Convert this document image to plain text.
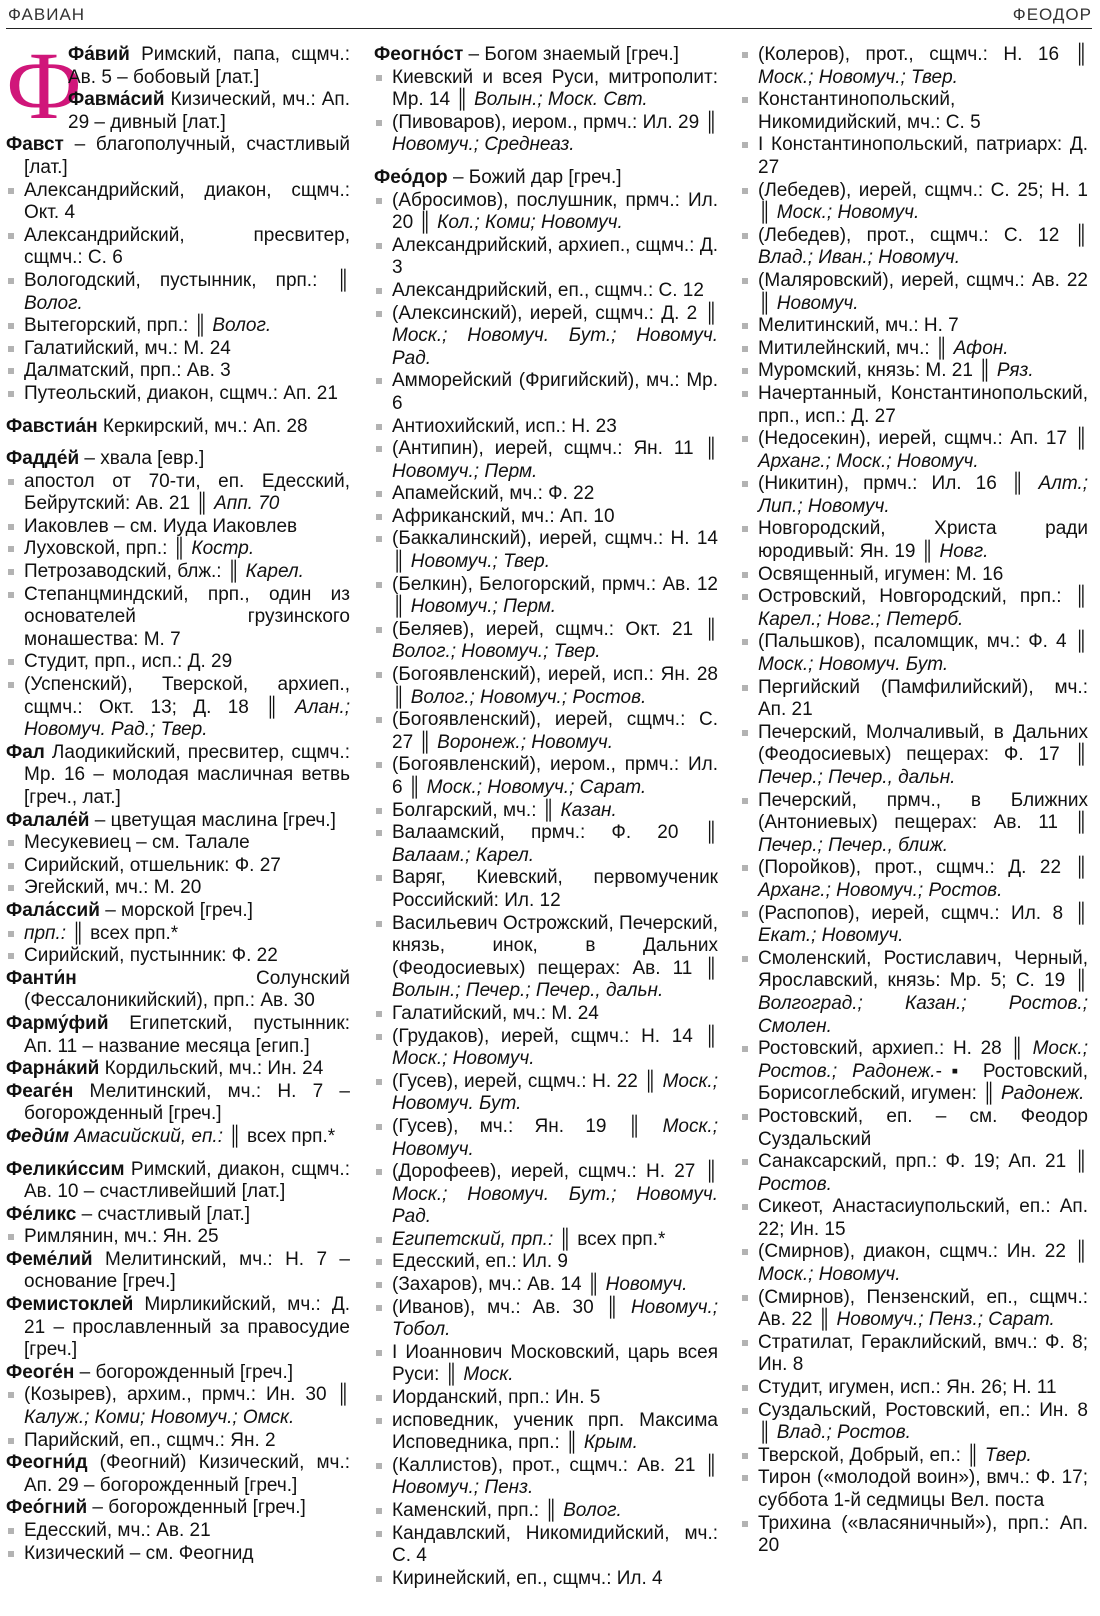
ФАВИАН	ФЕОДОР
Ф
Фа́вий Римский, папа, сщмч.: Ав. 5 – бобовый [лат.]
Фавма́сий Кизический, мч.: Ап. 29 – дивный [лат.]
Фавст – благополучный, счастливый [лат.]
Александрийский, диакон, сщмч.: Окт. 4
Александрийский, пресвитер, сщмч.: С. 6
Вологодский, пустынник, прп.: ║ Волог.
Вытегорский, прп.: ║ Волог.
Галатийский, мч.: М. 24
Далматский, прп.: Ав. 3
Путеольский, диакон, сщмч.: Ап. 21
Фавстиа́н Керкирский, мч.: Ап. 28
Фадде́й – хвала [евр.]
апостол от 70-ти, еп. Едесский, Бейрутский: Ав. 21 ║ Апп. 70
Иаковлев – см. Иуда Иаковлев
Луховской, прп.: ║ Костр.
Петрозаводский, блж.: ║ Карел.
Степанцминдский, прп., один из основателей грузинского монашества: М. 7
Студит, прп., исп.: Д. 29
(Успенский), Тверской, архиеп., сщмч.: Окт. 13; Д. 18 ║ Алан.; Новомуч. Рад.; Твер.
Фал Лаодикийский, пресвитер, сщмч.: Мр. 16 – молодая масличная ветвь [греч., лат.]
Фалале́й – цветущая маслина [греч.]
Месукевиец – см. Талале
Сирийский, отшельник: Ф. 27
Эгейский, мч.: М. 20
Фала́ссий – морской [греч.]
прп.: ║ всех прп.*
Сирийский, пустынник: Ф. 22
Фанти́н Солунский (Фессалоникийский), прп.: Ав. 30
Фарму́фий Египетский, пустынник: Ап. 11 – название месяца [егип.]
Фарна́кий Кордильский, мч.: Ин. 24
Феаге́н Мелитинский, мч.: Н. 7 – богорожденный [греч.]
Феди́м Амасийский, еп.: ║ всех прп.*
Фелики́ссим Римский, диакон, сщмч.: Ав. 10 – счастливейший [лат.]
Фе́ликс – счастливый [лат.]
Римлянин, мч.: Ян. 25
Феме́лий Мелитинский, мч.: Н. 7 – основание [греч.]
Фемистоклей Мирликийский, мч.: Д. 21 – прославленный за правосудие [греч.]
Феоге́н – богорожденный [греч.]
(Козырев), архим., прмч.: Ин. 30 ║ Калуж.; Коми; Новомуч.; Омск.
Парийский, еп., сщмч.: Ян. 2
Феогни́д (Феогний) Кизический, мч.: Ап. 29 – богорожденный [греч.]
Фео́гний – богорожденный [греч.]
Едесский, мч.: Ав. 21
Кизический – см. Феогнид
Феогно́ст – Богом знаемый [греч.]
Киевский и всея Руси, митрополит: Мр. 14 ║ Волын.; Моск. Свт.
(Пивоваров), иером., прмч.: Ил. 29 ║ Новомуч.; Среднеаз.
Фео́дор – Божий дар [греч.]
(Абросимов), послушник, прмч.: Ил. 20 ║ Кол.; Коми; Новомуч.
Александрийский, архиеп., сщмч.: Д. 3
Александрийский, еп., сщмч.: С. 12
(Алексинский), иерей, сщмч.: Д. 2 ║ Моск.; Новомуч. Бут.; Новомуч. Рад.
Амморейский (Фригийский), мч.: Мр. 6
Антиохийский, исп.: Н. 23
(Антипин), иерей, сщмч.: Ян. 11 ║ Новомуч.; Перм.
Апамейский, мч.: Ф. 22
Африканский, мч.: Ап. 10
(Баккалинский), иерей, сщмч.: Н. 14 ║ Новомуч.; Твер.
(Белкин), Белогорский, прмч.: Ав. 12 ║ Новомуч.; Перм.
(Беляев), иерей, сщмч.: Окт. 21 ║ Волог.; Новомуч.; Твер.
(Богоявленский), иерей, исп.: Ян. 28 ║ Волог.; Новомуч.; Ростов.
(Богоявленский), иерей, сщмч.: С. 27 ║ Воронеж.; Новомуч.
(Богоявленский), иером., прмч.: Ил. 6 ║ Моск.; Новомуч.; Сарат.
Болгарский, мч.: ║ Казан.
Валаамский, прмч.: Ф. 20 ║ Валаам.; Карел.
Варяг, Киевский, первомученик Российский: Ил. 12
Васильевич Острожский, Печерский, князь, инок, в Дальних (Феодосиевых) пещерах: Ав. 11 ║ Волын.; Печер.; Печер., дальн.
Галатийский, мч.: М. 24
(Грудаков), иерей, сщмч.: Н. 14 ║ Моск.; Новомуч.
(Гусев), иерей, сщмч.: Н. 22 ║ Моск.; Новомуч. Бут.
(Гусев), мч.: Ян. 19 ║ Моск.; Новомуч.
(Дорофеев), иерей, сщмч.: Н. 27 ║ Моск.; Новомуч. Бут.; Новомуч. Рад.
Египетский, прп.: ║ всех прп.*
Едесский, еп.: Ил. 9
(Захаров), мч.: Ав. 14 ║ Новомуч.
(Иванов), мч.: Ав. 30 ║ Новомуч.; Тобол.
I Иоаннович Московский, царь всея Руси: ║ Моск.
Иорданский, прп.: Ин. 5
исповедник, ученик прп. Максима Исповедника, прп.: ║ Крым.
(Каллистов), прот., сщмч.: Ав. 21 ║ Новомуч.; Пенз.
Каменский, прп.: ║ Волог.
Кандавлский, Никомидийский, мч.: С. 4
Киринейский, еп., сщмч.: Ил. 4
(Колеров), прот., сщмч.: Н. 16 ║ Моск.; Новомуч.; Твер.
Константинопольский, Никомидийский, мч.: С. 5
I Константинопольский, патриарх: Д. 27
(Лебедев), иерей, сщмч.: С. 25; Н. 1 ║ Моск.; Новомуч.
(Лебедев), прот., сщмч.: С. 12 ║ Влад.; Иван.; Новомуч.
(Маляровский), иерей, сщмч.: Ав. 22 ║ Новомуч.
Мелитинский, мч.: Н. 7
Митилейнский, мч.: ║ Афон.
Муромский, князь: М. 21 ║ Ряз.
Начертанный, Константинопольский, прп., исп.: Д. 27
(Недосекин), иерей, сщмч.: Ап. 17 ║ Арханг.; Моск.; Новомуч.
(Никитин), прмч.: Ил. 16 ║ Алт.; Лип.; Новомуч.
Новгородский, Христа ради юродивый: Ян. 19 ║ Новг.
Освященный, игумен: М. 16
Островский, Новгородский, прп.: ║ Карел.; Новг.; Петерб.
(Пальшков), псаломщик, мч.: Ф. 4 ║ Моск.; Новомуч. Бут.
Пергийский (Памфилийский), мч.: Ап. 21
Печерский, Молчаливый, в Дальних (Феодосиевых) пещерах: Ф. 17 ║ Печер.; Печер., дальн.
Печерский, прмч., в Ближних (Антониевых) пещерах: Ав. 11 ║ Печер.; Печер., ближ.
(Поройков), прот., сщмч.: Д. 22 ║ Арханг.; Новомуч.; Ростов.
(Распопов), иерей, сщмч.: Ил. 8 ║ Екат.; Новомуч.
Смоленский, Ростиславич, Черный, Ярославский, князь: Мр. 5; С. 19 ║ Волгоград.; Казан.; Ростов.; Смолен.
Ростовский, архиеп.: Н. 28 ║ Моск.; Ростов.; Радонеж.-▪ Ростовский, Борисоглебский, игумен: ║ Радонеж.
Ростовский, еп. – см. Феодор Суздальский
Санаксарский, прп.: Ф. 19; Ап. 21 ║ Ростов.
Сикеот, Анастасиупольский, еп.: Ап. 22; Ин. 15
(Смирнов), диакон, сщмч.: Ин. 22 ║ Моск.; Новомуч.
(Смирнов), Пензенский, еп., сщмч.: Ав. 22 ║ Новомуч.; Пенз.; Сарат.
Стратилат, Гераклийский, вмч.: Ф. 8; Ин. 8
Студит, игумен, исп.: Ян. 26; Н. 11
Суздальский, Ростовский, еп.: Ин. 8 ║ Влад.; Ростов.
Тверской, Добрый, еп.: ║ Твер.
Тирон («молодой воин»), вмч.: Ф. 17; суббота 1-й седмицы Вел. поста
Трихина («власяничный»), прп.: Ап. 20
